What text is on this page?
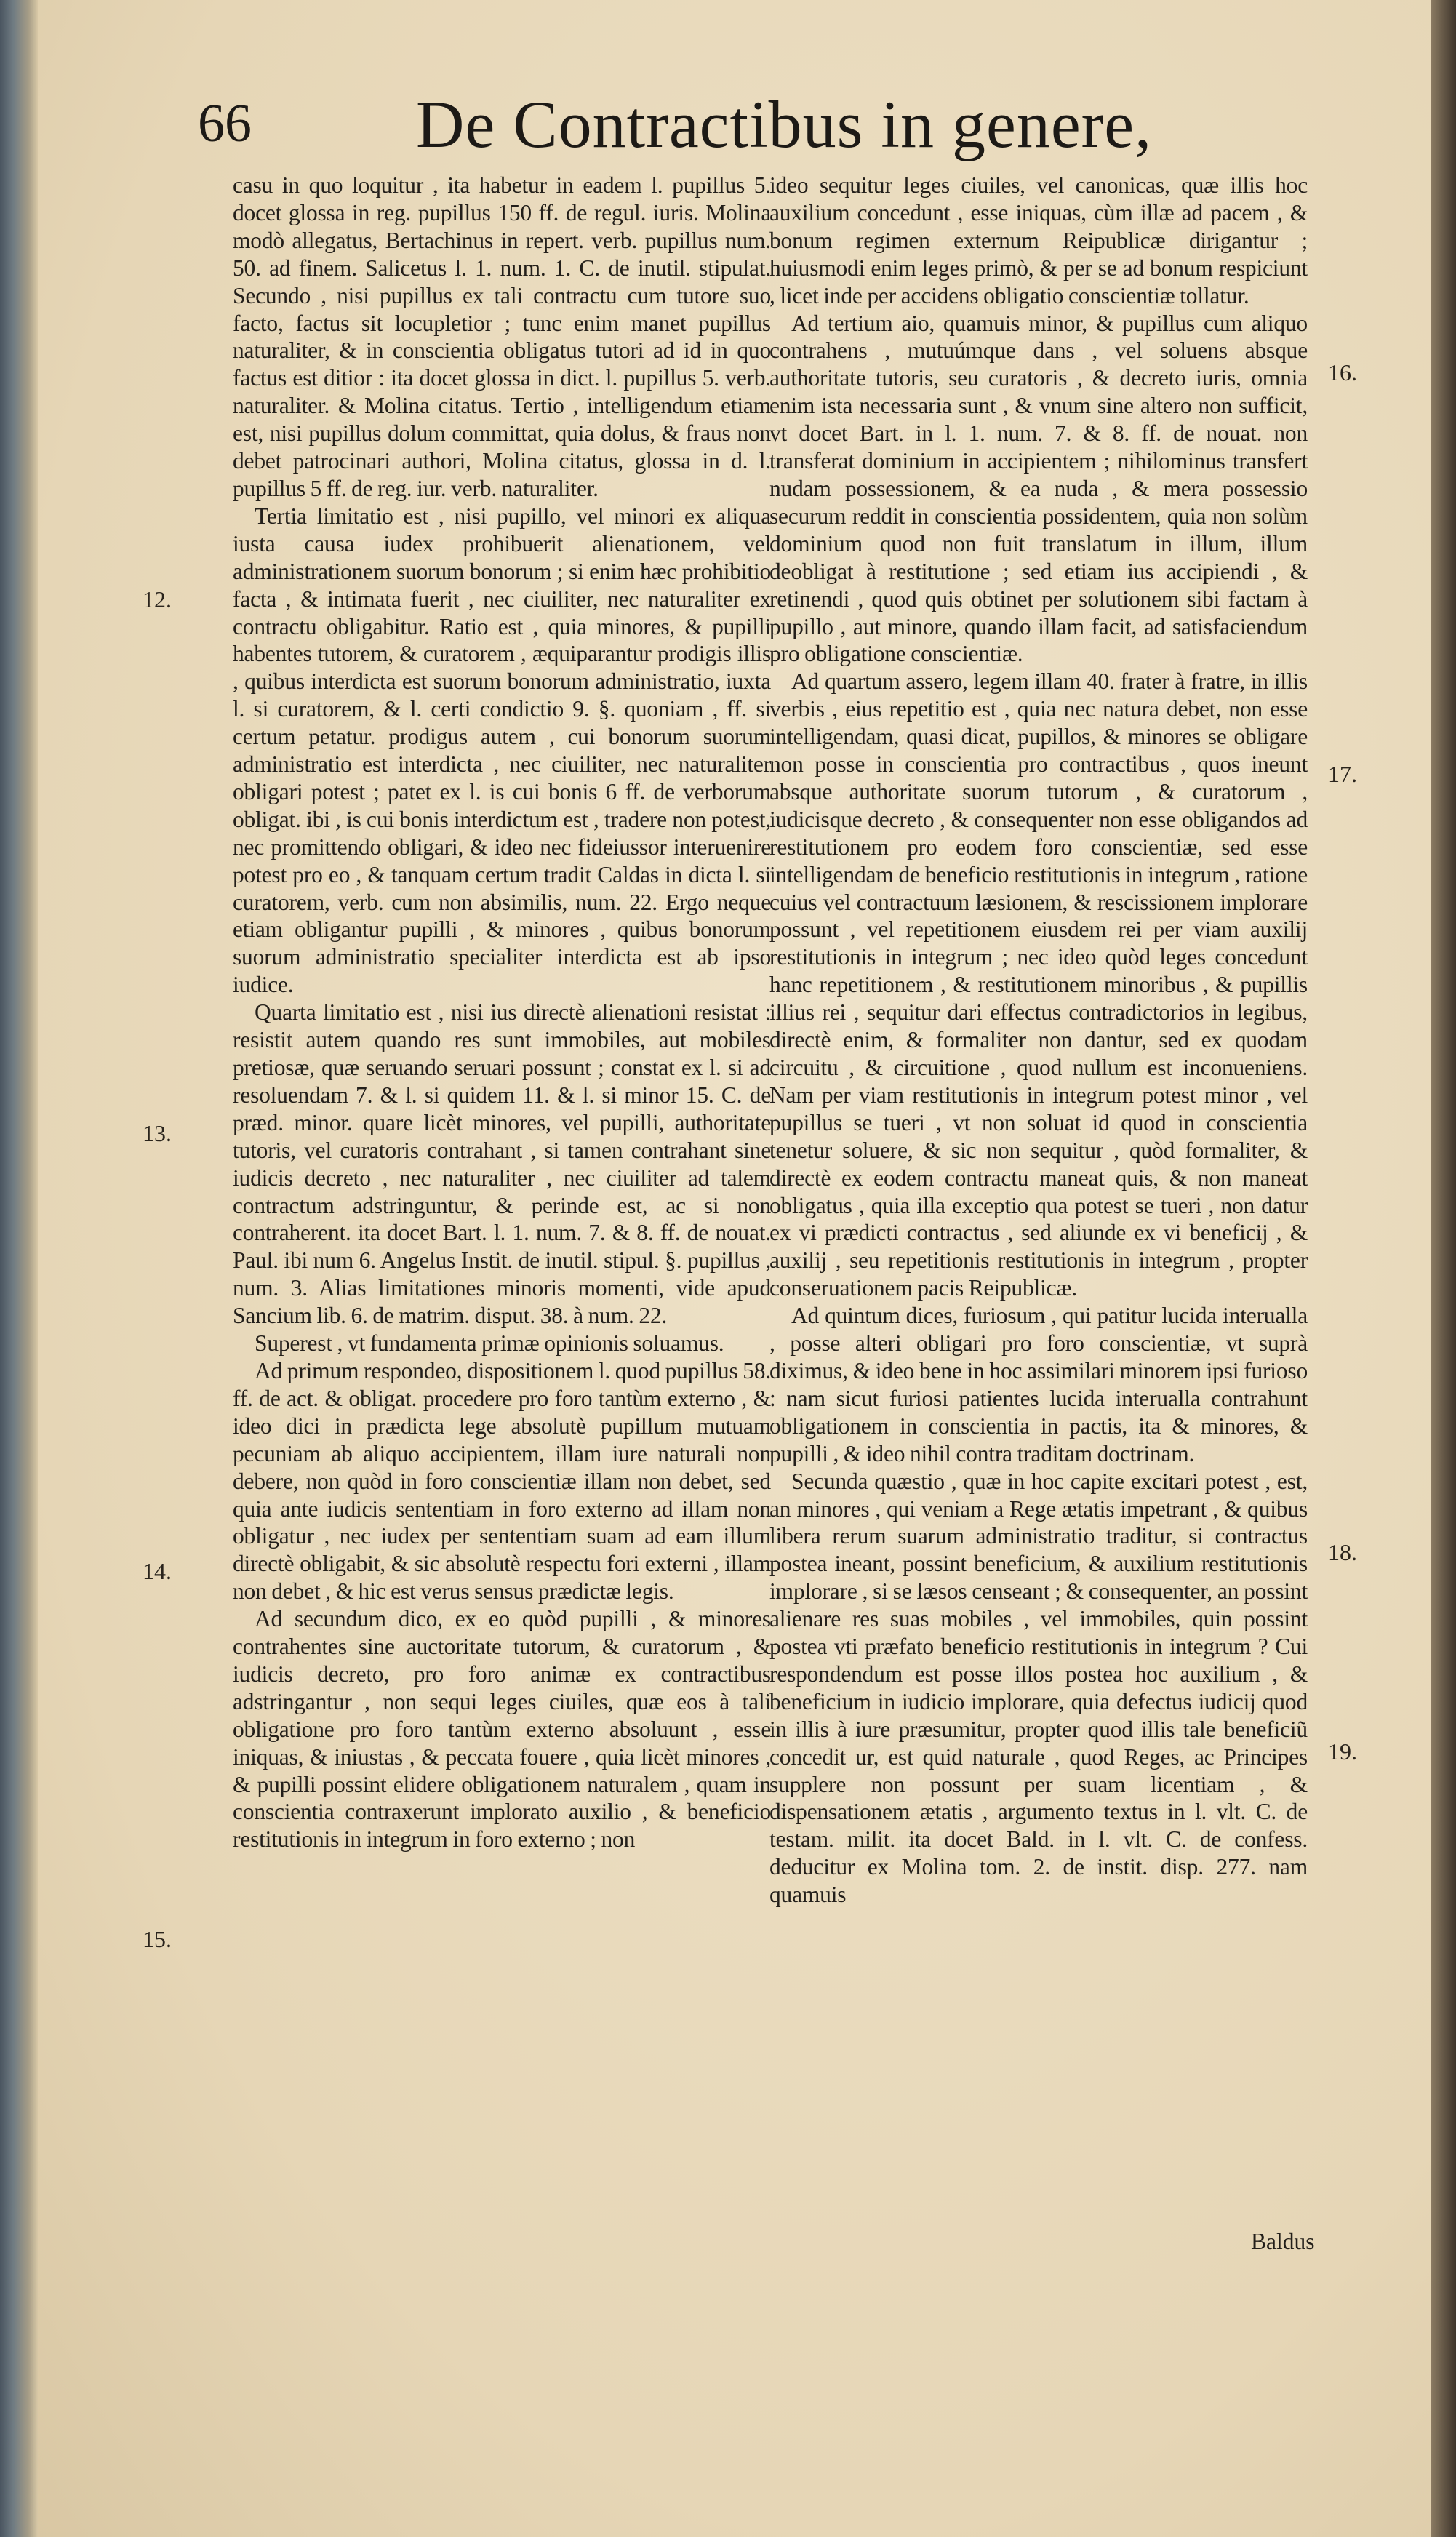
66 De Contractibus in genere,

casu in quo loquitur , ita habetur in eadem l. pupillus 5. docet glossa in reg. pupillus 150 ff. de regul. iuris. Molina modò allegatus, Bertachinus in repert. verb. pupillus num. 50. ad finem. Salicetus l. 1. num. 1. C. de inutil. stipulat. Secundo , nisi pupillus ex tali contractu cum tutore suo facto, factus sit locupletior ; tunc enim manet pupillus naturaliter, & in conscientia obligatus tutori ad id in quo factus est ditior : ita docet glossa in dict. l. pupillus 5. verb. naturaliter. & Molina citatus. Tertio , intelligendum etiam est, nisi pupillus dolum committat, quia dolus, & fraus non debet patrocinari authori, Molina citatus, glossa in d. l. pupillus 5 ff. de reg. iur. verb. naturaliter.

Tertia limitatio est , nisi pupillo, vel minori ex aliqua iusta causa iudex prohibuerit alienationem, vel administrationem suorum bonorum ; si enim hæc prohibitio facta , & intimata fuerit , nec ciuiliter, nec naturaliter ex contractu obligabitur. Ratio est , quia minores, & pupilli habentes tutorem, & curatorem , æquiparantur prodigis illis , quibus interdicta est suorum bonorum administratio, iuxta l. si curatorem, & l. certi condictio 9. §. quoniam , ff. si certum petatur. prodigus autem , cui bonorum suorum administratio est interdicta , nec ciuiliter, nec naturaliter obligari potest ; patet ex l. is cui bonis 6 ff. de verborum obligat. ibi , is cui bonis interdictum est , tradere non potest, nec promittendo obligari, & ideo nec fideiussor interuenire potest pro eo , & tanquam certum tradit Caldas in dicta l. si curatorem, verb. cum non absimilis, num. 22. Ergo neque etiam obligantur pupilli , & minores , quibus bonorum suorum administratio specialiter interdicta est ab ipso iudice.

Quarta limitatio est , nisi ius directè alienationi resistat : resistit autem quando res sunt immobiles, aut mobiles pretiosæ, quæ seruando seruari possunt ; constat ex l. si ad resoluendam 7. & l. si quidem 11. & l. si minor 15. C. de præd. minor. quare licèt minores, vel pupilli, authoritate tutoris, vel curatoris contrahant , si tamen contrahant sine iudicis decreto , nec naturaliter , nec ciuiliter ad talem contractum adstringuntur, & perinde est, ac si non contraherent. ita docet Bart. l. 1. num. 7. & 8. ff. de nouat. Paul. ibi num 6. Angelus Instit. de inutil. stipul. §. pupillus , num. 3. Alias limitationes minoris momenti, vide apud Sancium lib. 6. de matrim. disput. 38. à num. 22.

Superest , vt fundamenta primæ opinionis soluamus.

Ad primum respondeo, dispositionem l. quod pupillus 58. ff. de act. & obligat. procedere pro foro tantùm externo , & ideo dici in prædicta lege absolutè pupillum mutuam pecuniam ab aliquo accipientem, illam iure naturali non debere, non quòd in foro conscientiæ illam non debet, sed quia ante iudicis sententiam in foro externo ad illam non obligatur , nec iudex per sententiam suam ad eam illum directè obligabit, & sic absolutè respectu fori externi , illam non debet , & hic est verus sensus prædictæ legis.

Ad secundum dico, ex eo quòd pupilli , & minores contrahentes sine auctoritate tutorum, & curatorum , & iudicis decreto, pro foro animæ ex contractibus adstringantur , non sequi leges ciuiles, quæ eos à tali obligatione pro foro tantùm externo absoluunt , esse iniquas, & iniustas , & peccata fouere , quia licèt minores , & pupilli possint elidere obligationem naturalem , quam in conscientia contraxerunt implorato auxilio , & beneficio restitutionis in integrum in foro externo ; non

ideo sequitur leges ciuiles, vel canonicas, quæ illis hoc auxilium concedunt , esse iniquas, cùm illæ ad pacem , & bonum regimen externum Reipublicæ dirigantur ; huiusmodi enim leges primò, & per se ad bonum respiciunt , licet inde per accidens obligatio conscientiæ tollatur.

Ad tertium aio, quamuis minor, & pupillus cum aliquo contrahens , mutuúmque dans , vel soluens absque authoritate tutoris, seu curatoris , & decreto iuris, omnia enim ista necessaria sunt , & vnum sine altero non sufficit, vt docet Bart. in l. 1. num. 7. & 8. ff. de nouat. non transferat dominium in accipientem ; nihilominus transfert nudam possessionem, & ea nuda , & mera possessio securum reddit in conscientia possidentem, quia non solùm dominium quod non fuit translatum in illum, illum deobligat à restitutione ; sed etiam ius accipiendi , & retinendi , quod quis obtinet per solutionem sibi factam à pupillo , aut minore, quando illam facit, ad satisfaciendum pro obligatione conscientiæ.

Ad quartum assero, legem illam 40. frater à fratre, in illis verbis , eius repetitio est , quia nec natura debet, non esse intelligendam, quasi dicat, pupillos, & minores se obligare non posse in conscientia pro contractibus , quos ineunt absque authoritate suorum tutorum , & curatorum , iudicisque decreto , & consequenter non esse obligandos ad restitutionem pro eodem foro conscientiæ, sed esse intelligendam de beneficio restitutionis in integrum , ratione cuius vel contractuum læsionem, & rescissionem implorare possunt , vel repetitionem eiusdem rei per viam auxilij restitutionis in integrum ; nec ideo quòd leges concedunt hanc repetitionem , & restitutionem minoribus , & pupillis illius rei , sequitur dari effectus contradictorios in legibus, directè enim, & formaliter non dantur, sed ex quodam circuitu , & circuitione , quod nullum est inconueniens. Nam per viam restitutionis in integrum potest minor , vel pupillus se tueri , vt non soluat id quod in conscientia tenetur soluere, & sic non sequitur , quòd formaliter, & directè ex eodem contractu maneat quis, & non maneat obligatus , quia illa exceptio qua potest se tueri , non datur ex vi prædicti contractus , sed aliunde ex vi beneficij , & auxilij , seu repetitionis restitutionis in integrum , propter conseruationem pacis Reipublicæ.

Ad quintum dices, furiosum , qui patitur lucida interualla , posse alteri obligari pro foro conscientiæ, vt suprà diximus, & ideo bene in hoc assimilari minorem ipsi furioso : nam sicut furiosi patientes lucida interualla contrahunt obligationem in conscientia in pactis, ita & minores, & pupilli , & ideo nihil contra traditam doctrinam.

Secunda quæstio , quæ in hoc capite excitari potest , est, an minores , qui veniam a Rege ætatis impetrant , & quibus libera rerum suarum administratio traditur, si contractus postea ineant, possint beneficium, & auxilium restitutionis implorare , si se læsos censeant ; & consequenter, an possint alienare res suas mobiles , vel immobiles, quin possint postea vti præfato beneficio restitutionis in integrum ? Cui respondendum est posse illos postea hoc auxilium , & beneficium in iudicio implorare, quia defectus iudicij quod in illis à iure præsumitur, propter quod illis tale beneficiũ concedit ur, est quid naturale , quod Reges, ac Principes supplere non possunt per suam licentiam , & dispensationem ætatis , argumento textus in l. vlt. C. de testam. milit. ita docet Bald. in l. vlt. C. de confess. deducitur ex Molina tom. 2. de instit. disp. 277. nam quamuis

12.
13.
14.
15.
16.
17.
18.
19.
Baldus
